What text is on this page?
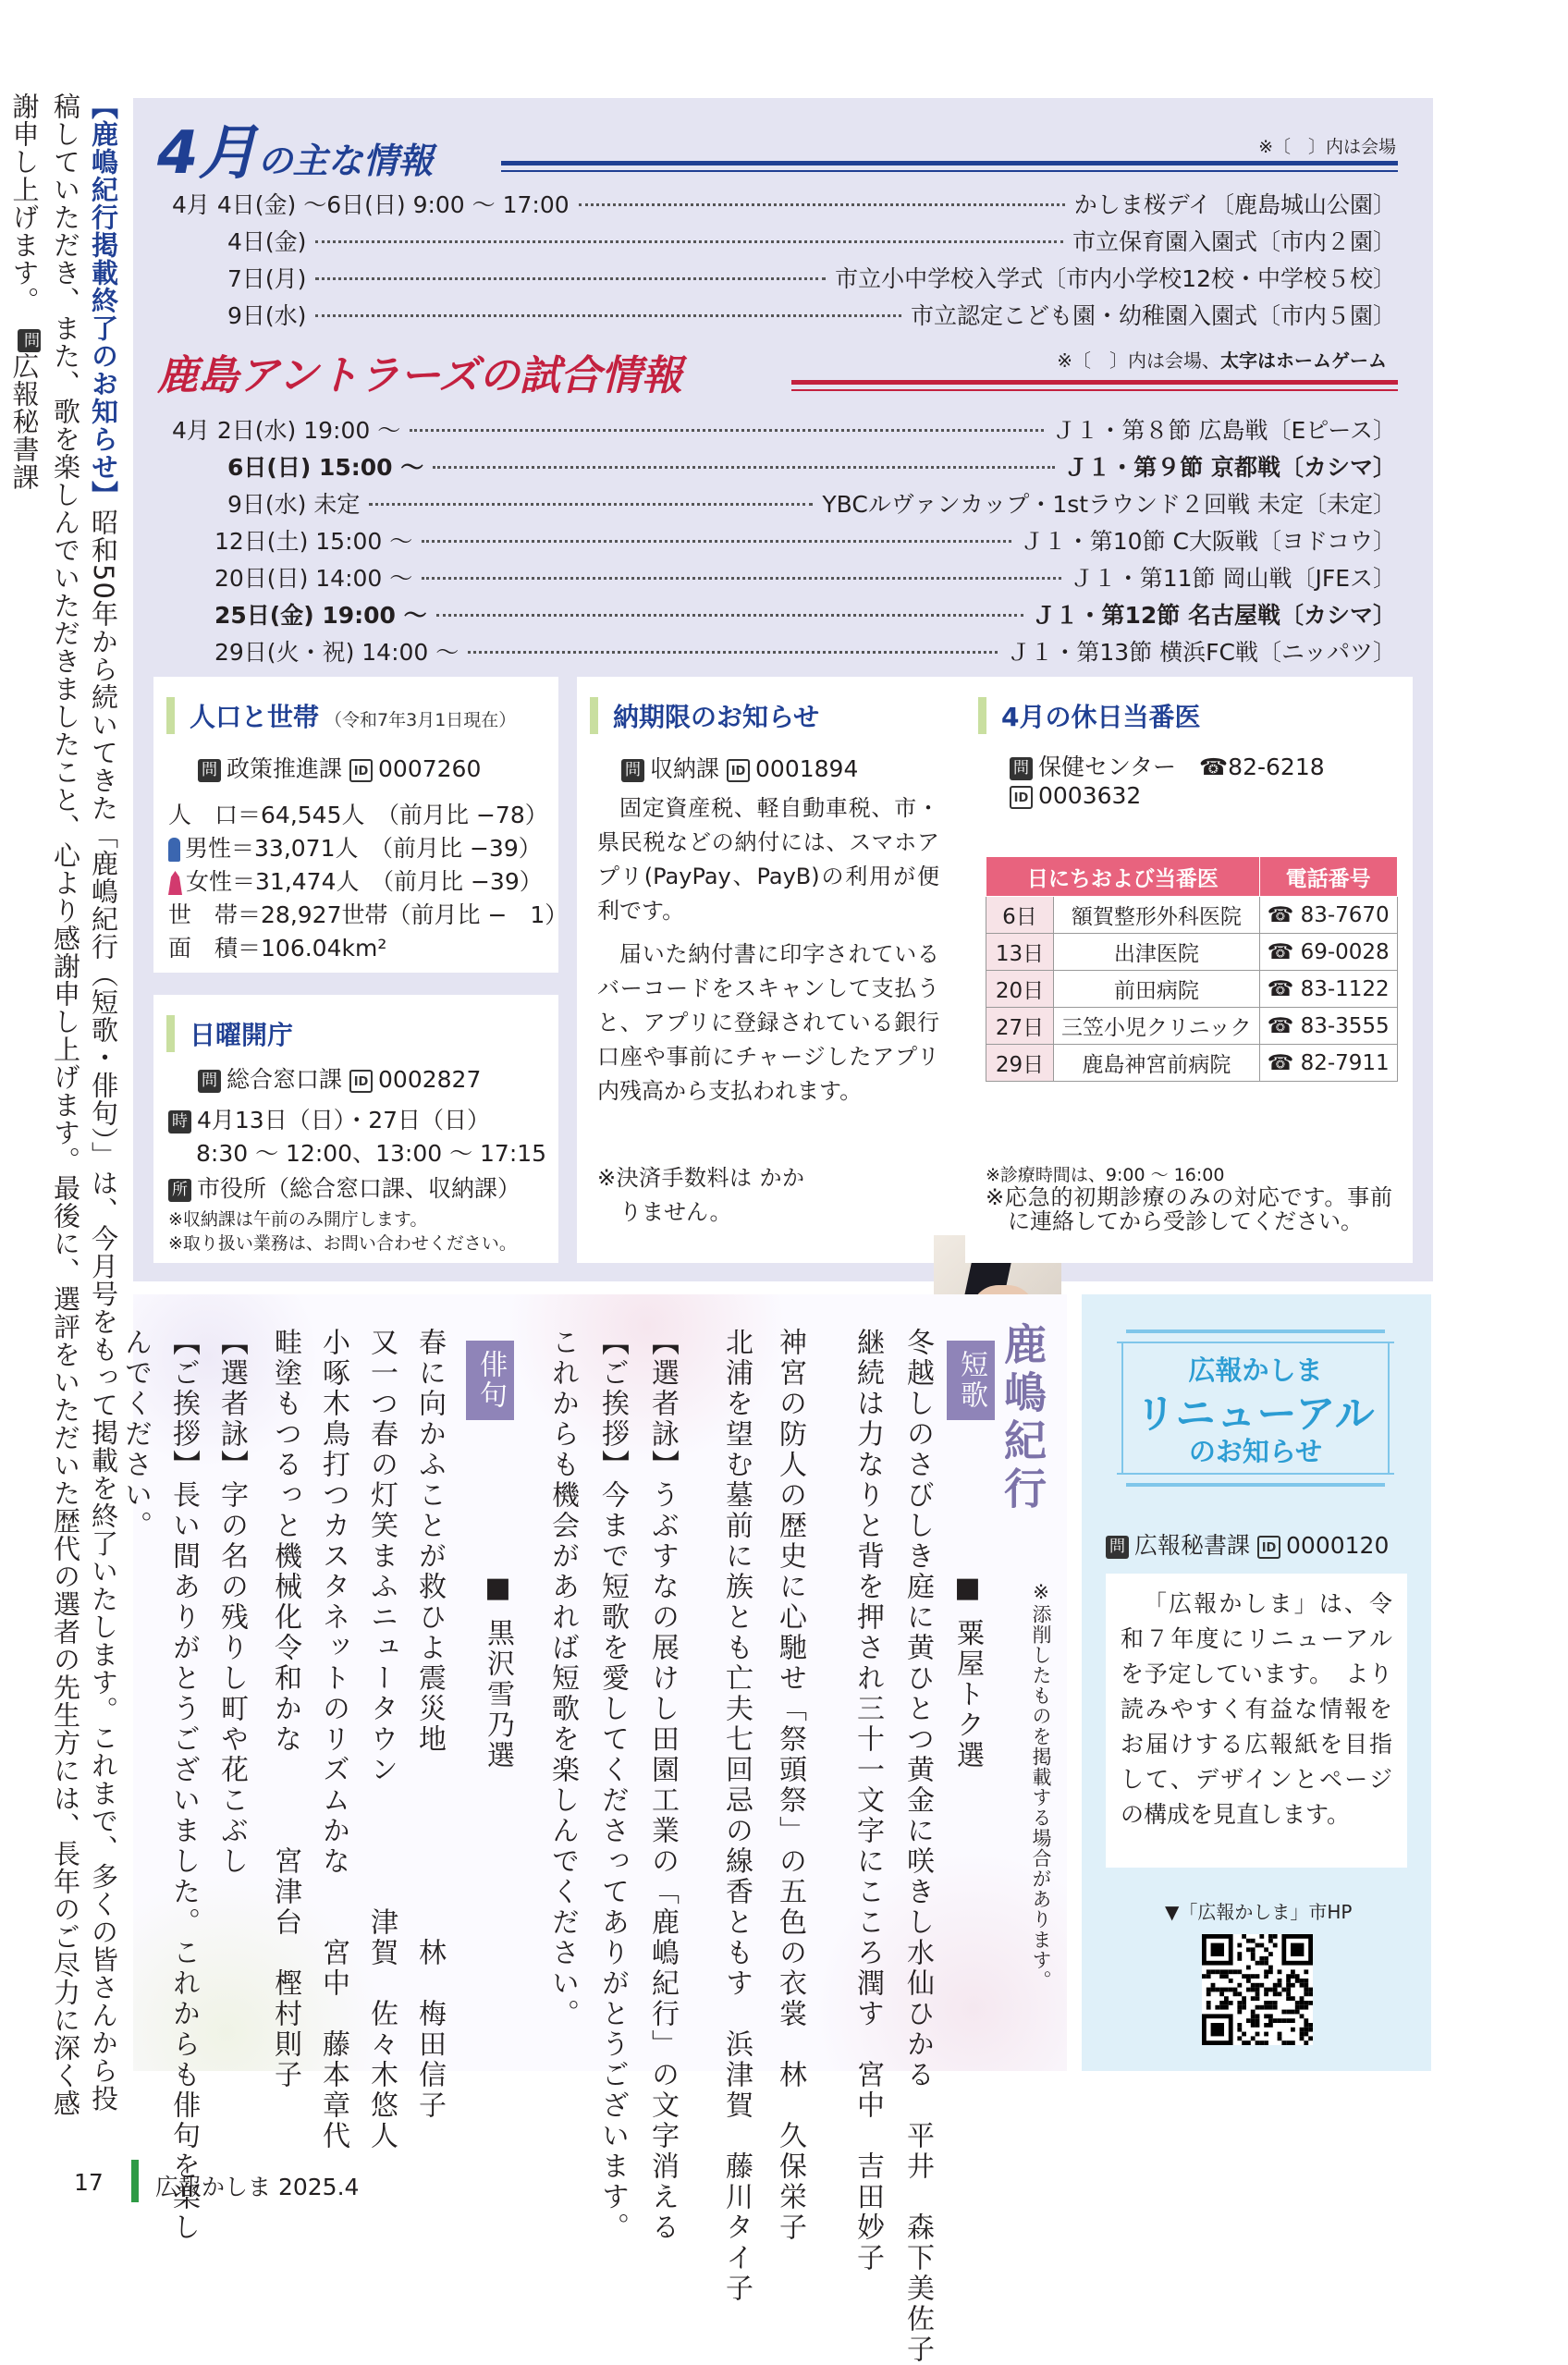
【鹿嶋紀行掲載終了のお知らせ】昭和50年から続いてきた「鹿嶋紀行（短歌・俳句）」は、今月号をもって掲載を終了いたします。これまで、多くの皆さんから投稿していただき、また、歌を楽しんでいただきましたこと、心より感謝申し上げます。最後に、選評をいただいた歴代の選者の先生方には、長年のご尽力に深く感謝申し上げます。　問広報秘書課
4月の主な情報	※〔　〕内は会場
4月 4日(金) ～6日(日) 9:00 ～ 17:00	かしま桜デイ〔鹿島城山公園〕
4日(金)	市立保育園入園式〔市内２園〕
7日(月)	市立小中学校入学式〔市内小学校12校・中学校５校〕
9日(水)	市立認定こども園・幼稚園入園式〔市内５園〕
鹿島アントラーズの試合情報	※〔　〕内は会場、太字はホームゲーム
4月 2日(水) 19:00 ～	Ｊ１・第８節 広島戦〔Eピース〕
6日(日) 15:00 ～	Ｊ１・第９節 京都戦〔カシマ〕
9日(水) 未定	YBCルヴァンカップ・1stラウンド２回戦 未定〔未定〕
12日(土) 15:00 ～	Ｊ１・第10節 C大阪戦〔ヨドコウ〕
20日(日) 14:00 ～	Ｊ１・第11節 岡山戦〔JFEス〕
25日(金) 19:00 ～	Ｊ１・第12節 名古屋戦〔カシマ〕
29日(火・祝) 14:00 ～	Ｊ１・第13節 横浜FC戦〔ニッパツ〕
人口と世帯 （令和7年3月1日現在）
問 政策推進課 ID 0007260
人　口＝64,545人　 （前月比 −78）
男性＝33,071人　 （前月比 −39）
女性＝31,474人　 （前月比 −39）
世　帯＝28,927世帯（前月比 −　1）
面　積＝106.04km²
日曜開庁
問 総合窓口課 ID 0002827
時 4月13日（日）・27日（日）
8:30 ～ 12:00、13:00 ～ 17:15
所 市役所（総合窓口課、収納課）
※収納課は午前のみ開庁します。
※取り扱い業務は、お問い合わせください。
納期限のお知らせ
問 収納課 ID 0001894
固定資産税、軽自動車税、市・県民税などの納付には、スマホアプリ(PayPay、PayB)の利用が便利です。
届いた納付書に印字されているバーコードをスキャンして支払うと、アプリに登録されている銀行口座や事前にチャージしたアプリ内残高から支払われます。
※決済手数料は かかりません。
4月の休日当番医
問 保健センター　 ☎82-6218
ID 0003632
日にちおよび当番医		電話番号
6日	額賀整形外科医院	☎ 83-7670
13日	出津医院	☎ 69-0028
20日	前田病院	☎ 83-1122
27日	三笠小児クリニック	☎ 83-3555
29日	鹿島神宮前病院	☎ 82-7911
※診療時間は、9:00 ～ 16:00
※応急的初期診療のみの対応です。事前に連絡してから受診してください。
鹿嶋紀行
※添削したものを掲載する場合があります。
短歌
■ 粟屋トク選
冬越しのさびしき庭に黄ひとつ黄金に咲きし水仙ひかる　平井　森下美佐子
継続は力なりと背を押され三十一文字にこころ潤す　宮中　吉田妙子
神宮の防人の歴史に心馳せ「祭頭祭」の五色の衣裳　林　久保栄子
北浦を望む墓前に族とも亡夫七回忌の線香ともす　浜津賀　藤川タイ子
【選者詠】うぶすなの展けし田園工業の「鹿嶋紀行」の文字消える
【ご挨拶】今まで短歌を愛してくださってありがとうございます。
これからも機会があれば短歌を楽しんでください。
俳句
■ 黒沢雪乃選
春に向かふことが救ひよ震災地　　　　　　林　梅田信子
又一つ春の灯笑まふニュータウン　　　　津賀　佐々木悠人
小啄木鳥打つカスタネットのリズムかな　　宮中　藤本章代
畦塗もつるっと機械化令和かな　　　宮津台　樫村則子
【選者詠】字の名の残りし町や花こぶし
【ご挨拶】長い間ありがとうございました。これからも俳句を楽し
んでください。	広報かしま
リニューアル
のお知らせ
問 広報秘書課 ID 0000120
「広報かしま」は、令和７年度にリニューアルを予定しています。　より読みやすく有益な情報をお届けする広報紙を目指して、デザインとページの構成を見直します。
▼「広報かしま」市HP
17 広報かしま 2025.4
